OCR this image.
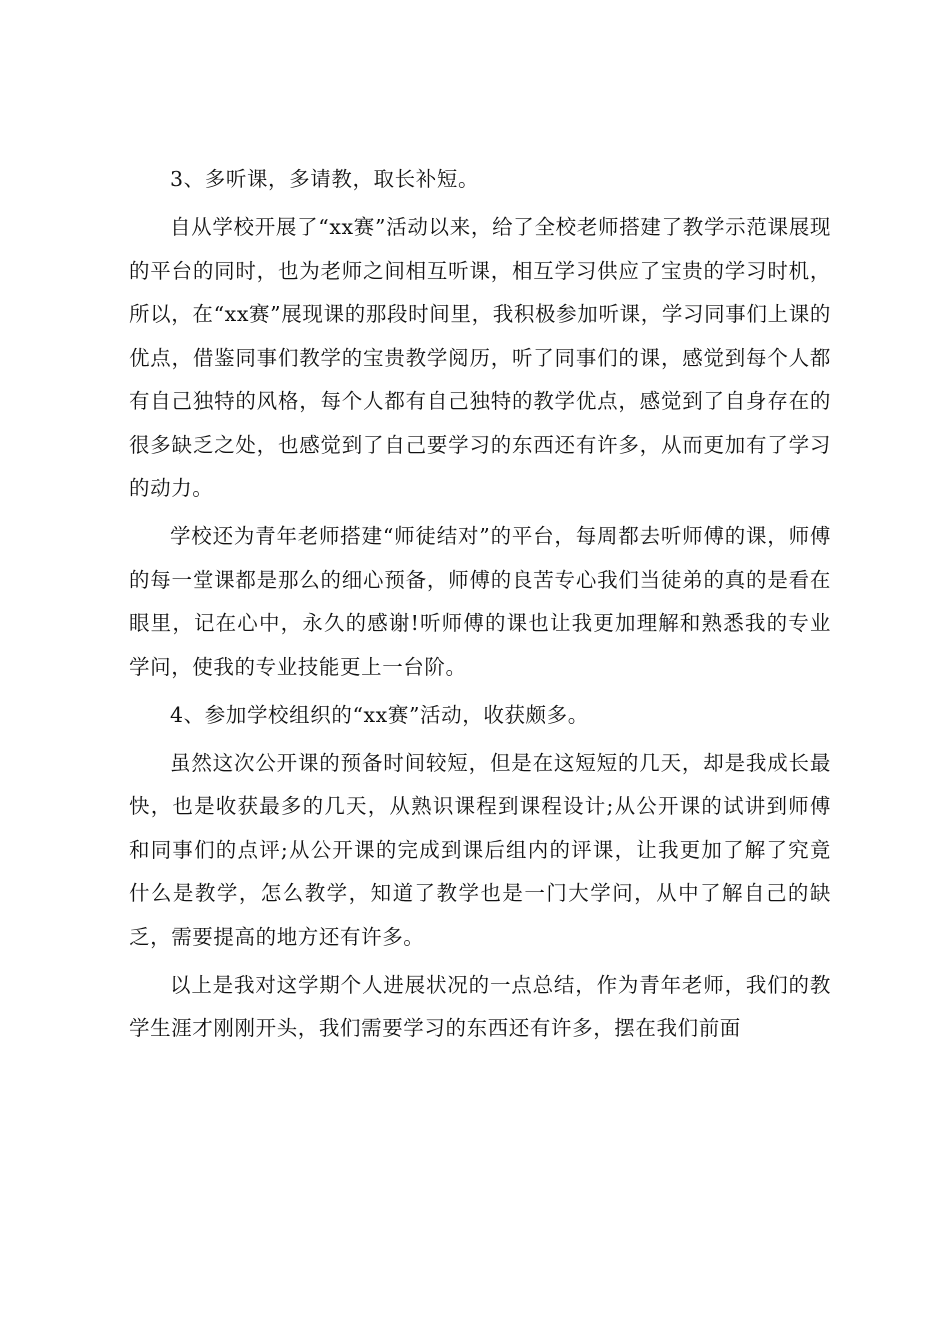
3、多听课，多请教，取长补短。

自从学校开展了“xx赛”活动以来，给了全校老师搭建了教学示范课展现的平台的同时，也为老师之间相互听课，相互学习供应了宝贵的学习时机，所以，在“xx赛”展现课的那段时间里，我积极参加听课，学习同事们上课的优点，借鉴同事们教学的宝贵教学阅历，听了同事们的课，感觉到每个人都有自己独特的风格，每个人都有自己独特的教学优点，感觉到了自身存在的很多缺乏之处，也感觉到了自己要学习的东西还有许多，从而更加有了学习的动力。

学校还为青年老师搭建“师徒结对”的平台，每周都去听师傅的课，师傅的每一堂课都是那么的细心预备，师傅的良苦专心我们当徒弟的真的是看在眼里，记在心中，永久的感谢!听师傅的课也让我更加理解和熟悉我的专业学问，使我的专业技能更上一台阶。

4、参加学校组织的“xx赛”活动，收获颇多。

虽然这次公开课的预备时间较短，但是在这短短的几天，却是我成长最快，也是收获最多的几天，从熟识课程到课程设计;从公开课的试讲到师傅和同事们的点评;从公开课的完成到课后组内的评课，让我更加了解了究竟什么是教学，怎么教学，知道了教学也是一门大学问，从中了解自己的缺乏，需要提高的地方还有许多。

以上是我对这学期个人进展状况的一点总结，作为青年老师，我们的教学生涯才刚刚开头，我们需要学习的东西还有许多，摆在我们前面
